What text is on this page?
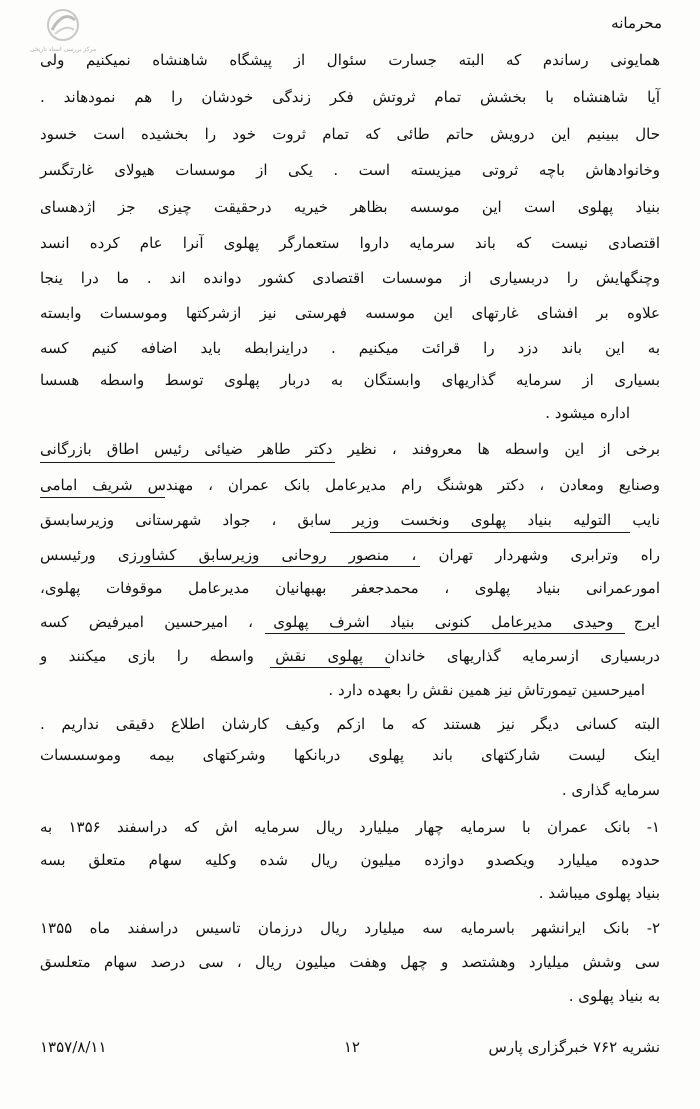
مرکز بررسی اسناد تاریخی
محرمانه
همایونی رساندم که البته جسارت سئوال از پیشگاه شاهنشاه نمیکنیم ولی
آیا شاهنشاه با بخشش تمام ثروتش فکر زندگی خودشان را هم نمودهاند .
حال ببینیم این درویش حاتم طائی که تمام ثروت خود را بخشیده است خسود
وخانوادهاش باچه ثروتی میزیسته است . یکی از موسسات هیولای غارتگسر
بنیاد پهلوی است این موسسه بظاهر خیریه درحقیقت چیزی جز اژدهسای
اقتصادی نیست که باند سرمایه داروا ستعمارگر پهلوی آنرا عام کرده انسد
وچنگهایش را دربسیاری از موسسات اقتصادی کشور دوانده اند . ما درا ینجا
علاوه بر افشای غارتهای این موسسه فهرستی نیز ازشرکتها وموسسات وابسته
به این باند دزد را قرائت میکنیم . دراینرابطه باید اضافه کنیم کسه
بسیاری از سرمایه گذاریهای وابستگان به دربار پهلوی توسط واسطه هسسا
اداره میشود .
برخی از این واسطه ها معروفند ، نظیر دکتر طاهر ضیائی رئیس اطاق بازرگانی
وصنایع ومعادن ، دکتر هوشنگ رام مدیرعامل بانک عمران ، مهندس شریف امامی
نایب التولیه بنیاد پهلوی ونخست وزیر سابق ، جواد شهرستانی وزیرسابسق
راه وترابری وشهردار تهران ، منصور روحانی وزیرسابق کشاورزی ورئیسس
امورعمرانی بنیاد پهلوی ، محمدجعفر بهبهانیان مدیرعامل موقوفات پهلوی،
ایرج وحیدی مدیرعامل کنونی بنیاد اشرف پهلوی ، امیرحسین امیرفیض کسه
دربسیاری ازسرمایه گذاریهای خاندان پهلوی نقش واسطه را بازی میکنند و
امیرحسین تیمورتاش نیز همین نقش را بعهده دارد .
البته کسانی دیگر نیز هستند که ما ازکم وکیف کارشان اطلاع دقیقی نداریم .
اینک لیست شارکتهای باند پهلوی دربانکها وشرکتهای بیمه وموسسسات
سرمایه گذاری .
۱- بانک عمران با سرمایه چهار میلیارد ریال سرمایه اش که دراسفند ۱۳۵۶ به
حدوده میلیارد ویکصدو دوازده میلیون ریال شده وکلیه سهام متعلق بسه
بنیاد پهلوی میباشد .
۲- بانک ایرانشهر باسرمایه سه میلیارد ریال درزمان تاسیس دراسفند ماه ۱۳۵۵
سی وشش میلیارد وهشتصد و چهل وهفت میلیون ریال ، سی درصد سهام متعلسق
به بنیاد پهلوی .
نشریه ۷۶۲ خبرگزاری پارس
۱۲
۱۳۵۷/۸/۱۱
